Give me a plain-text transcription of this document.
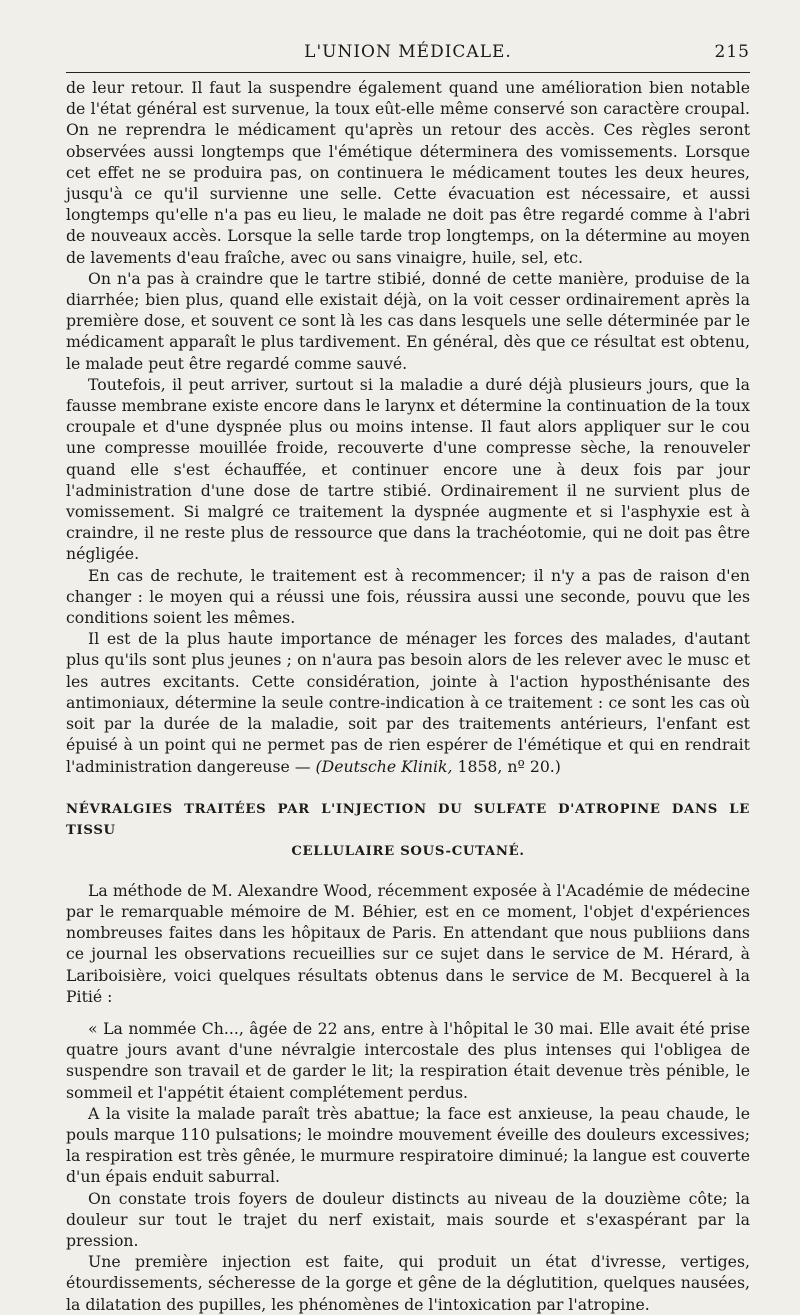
L'UNION MÉDICALE.	215

de leur retour. Il faut la suspendre également quand une amélioration bien notable de l'état général est survenue, la toux eût-elle même conservé son caractère croupal. On ne reprendra le médicament qu'après un retour des accès. Ces règles seront observées aussi longtemps que l'émétique déterminera des vomissements. Lorsque cet effet ne se produira pas, on continuera le médicament toutes les deux heures, jusqu'à ce qu'il survienne une selle. Cette évacuation est nécessaire, et aussi longtemps qu'elle n'a pas eu lieu, le malade ne doit pas être regardé comme à l'abri de nouveaux accès. Lorsque la selle tarde trop longtemps, on la détermine au moyen de lavements d'eau fraîche, avec ou sans vinaigre, huile, sel, etc.

On n'a pas à craindre que le tartre stibié, donné de cette manière, produise de la diarrhée; bien plus, quand elle existait déjà, on la voit cesser ordinairement après la première dose, et souvent ce sont là les cas dans lesquels une selle déterminée par le médicament apparaît le plus tardivement. En général, dès que ce résultat est obtenu, le malade peut être regardé comme sauvé.

Toutefois, il peut arriver, surtout si la maladie a duré déjà plusieurs jours, que la fausse membrane existe encore dans le larynx et détermine la continuation de la toux croupale et d'une dyspnée plus ou moins intense. Il faut alors appliquer sur le cou une compresse mouillée froide, recouverte d'une compresse sèche, la renouveler quand elle s'est échauffée, et continuer encore une à deux fois par jour l'administration d'une dose de tartre stibié. Ordinairement il ne survient plus de vomissement. Si malgré ce traitement la dyspnée augmente et si l'asphyxie est à craindre, il ne reste plus de ressource que dans la trachéotomie, qui ne doit pas être négligée.

En cas de rechute, le traitement est à recommencer; il n'y a pas de raison d'en changer : le moyen qui a réussi une fois, réussira aussi une seconde, pouvu que les conditions soient les mêmes.

Il est de la plus haute importance de ménager les forces des malades, d'autant plus qu'ils sont plus jeunes ; on n'aura pas besoin alors de les relever avec le musc et les autres excitants. Cette considération, jointe à l'action hyposthénisante des antimoniaux, détermine la seule contre-indication à ce traitement : ce sont les cas où soit par la durée de la maladie, soit par des traitements antérieurs, l'enfant est épuisé à un point qui ne permet pas de rien espérer de l'émétique et qui en rendrait l'administration dangereuse — (Deutsche Klinik, 1858, nº 20.)

NÉVRALGIES TRAITÉES PAR L'INJECTION DU SULFATE D'ATROPINE DANS LE TISSU
CELLULAIRE SOUS-CUTANÉ.

La méthode de M. Alexandre Wood, récemment exposée à l'Académie de médecine par le remarquable mémoire de M. Béhier, est en ce moment, l'objet d'expériences nombreuses faites dans les hôpitaux de Paris. En attendant que nous publiions dans ce journal les observations recueillies sur ce sujet dans le service de M. Hérard, à Lariboisière, voici quelques résultats obtenus dans le service de M. Becquerel à la Pitié :

« La nommée Ch..., âgée de 22 ans, entre à l'hôpital le 30 mai. Elle avait été prise quatre jours avant d'une névralgie intercostale des plus intenses qui l'obligea de suspendre son travail et de garder le lit; la respiration était devenue très pénible, le sommeil et l'appétit étaient complétement perdus.

A la visite la malade paraît très abattue; la face est anxieuse, la peau chaude, le pouls marque 110 pulsations; le moindre mouvement éveille des douleurs excessives; la respiration est très gênée, le murmure respiratoire diminué; la langue est couverte d'un épais enduit saburral.

On constate trois foyers de douleur distincts au niveau de la douzième côte; la douleur sur tout le trajet du nerf existait, mais sourde et s'exaspérant par la pression.

Une première injection est faite, qui produit un état d'ivresse, vertiges, étourdissements, sécheresse de la gorge et gêne de la déglutition, quelques nausées, la dilatation des pupilles, les phénomènes de l'intoxication par l'atropine.
